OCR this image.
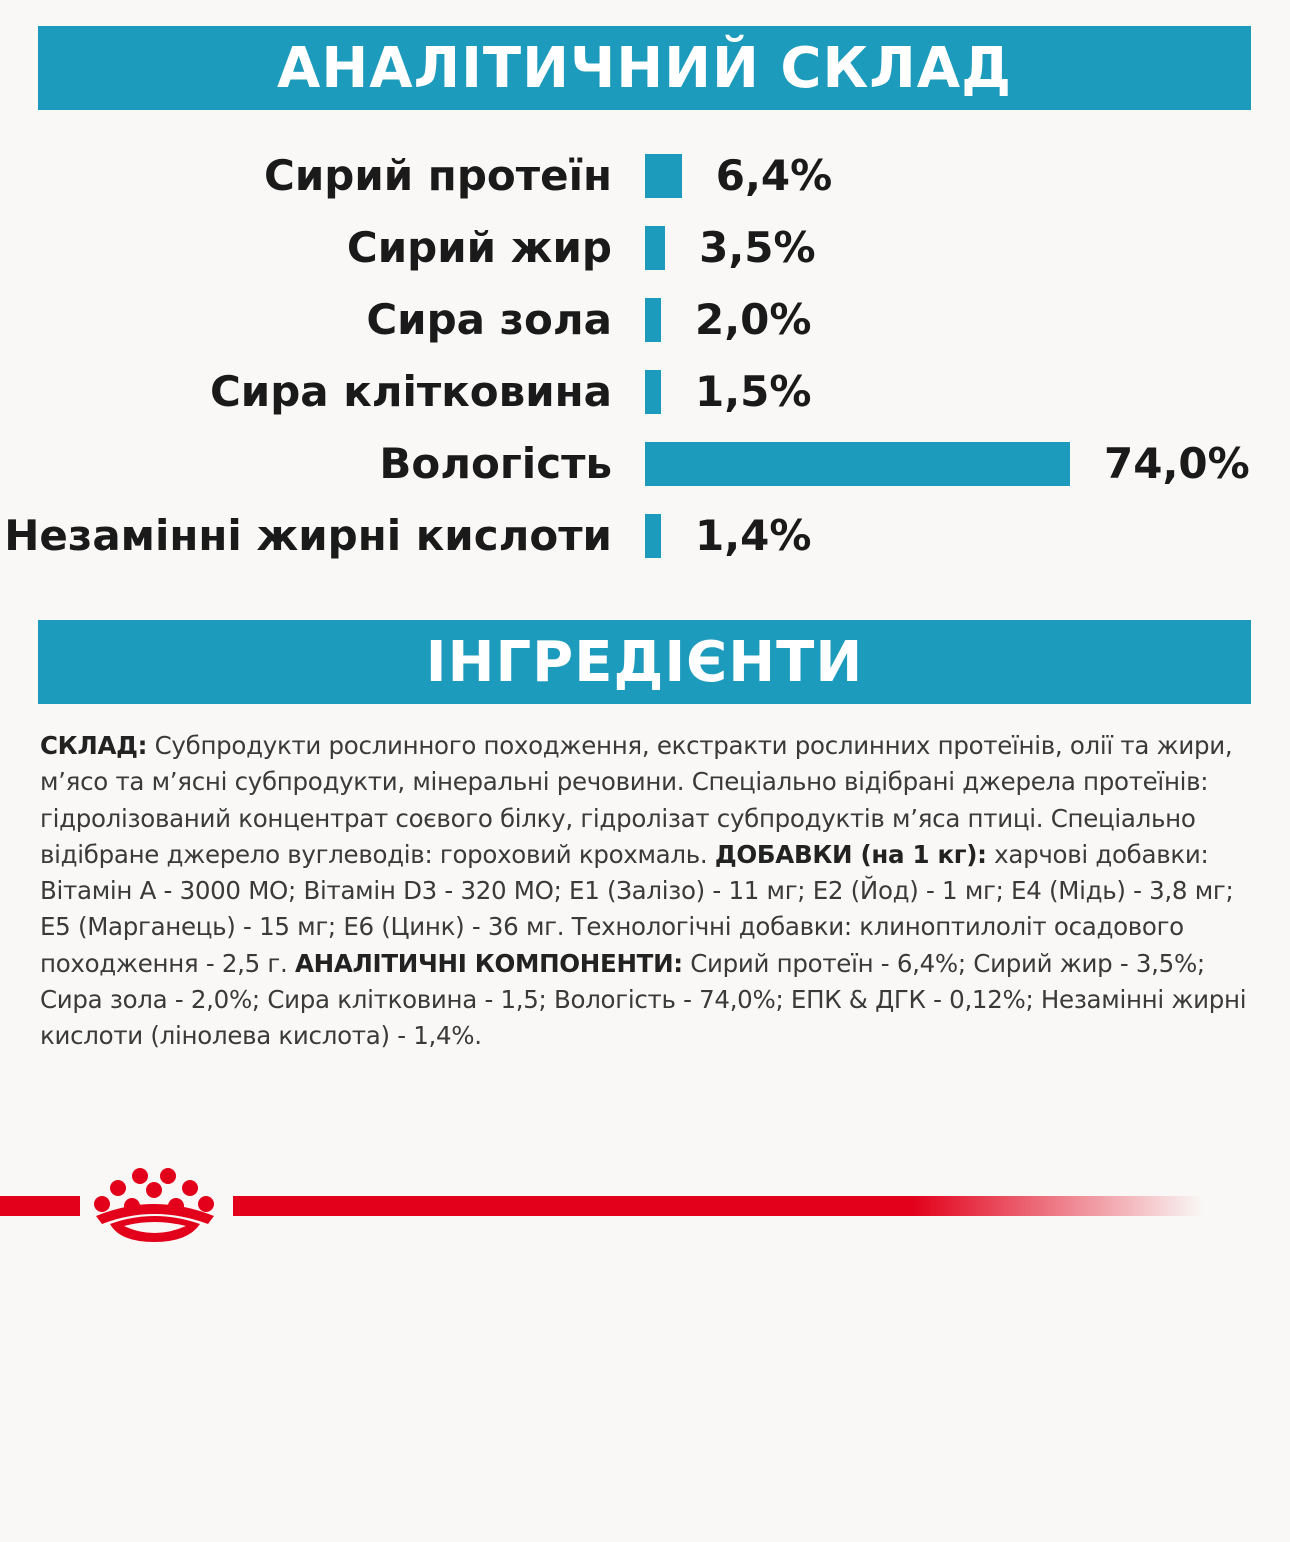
АНАЛІТИЧНИЙ СКЛАД
Сирий протеїн 6,4%
Сирий жир 3,5%
Сира зола 2,0%
Сира клітковина 1,5%
Вологість	74,0%
Незамінні жирні кислоти 1,4%
ІНГРЕДІЄНТИ
СКЛАД: Субпродукти рослинного походження, екстракти рослинних протеїнів, олії та жири, м’ясо та м’ясні субпродукти, мінеральні речовини. Спеціально відібрані джерела протеїнів: гідролізований концентрат соєвого білку, гідролізат субпродуктів м’яса птиці. Спеціально відібране джерело вуглеводів: гороховий крохмаль. ДОБАВКИ (на 1 кг): харчові добавки: Вітамін А - 3000 МО; Вітамін D3 - 320 МО; Е1 (Залізо) - 11 мг; Е2 (Йод) - 1 мг; Е4 (Мідь) - 3,8 мг; Е5 (Марганець) - 15 мг; Е6 (Цинк) - 36 мг. Технологічні добавки: клиноптилоліт осадового походження - 2,5 г. АНАЛІТИЧНІ КОМПОНЕНТИ: Сирий протеїн - 6,4%; Сирий жир - 3,5%; Сира зола - 2,0%; Сира клітковина - 1,5; Вологість - 74,0%; ЕПК & ДГК - 0,12%; Незамінні жирні кислоти (лінолева кислота) - 1,4%.
